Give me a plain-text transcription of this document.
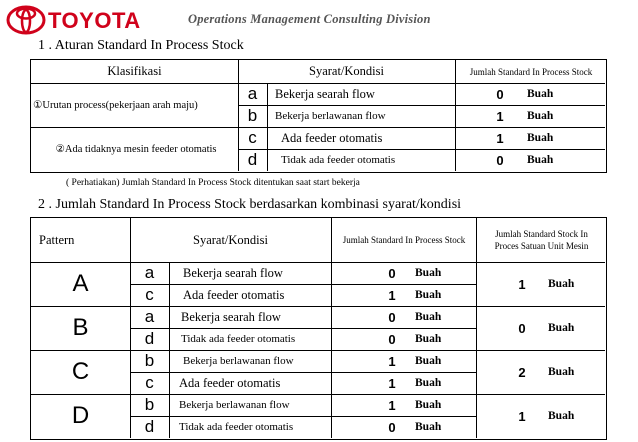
TOYOTA	Operations Management Consulting Division
1 . Aturan Standard In Process Stock
Klasifikasi	Syarat/Kondisi	Jumlah Standard In Process Stock
①Urutan process(pekerjaan arah maju)
②Ada tidaknya mesin feeder otomatis
a	Bekerja searah flow	0	Buah
b	Bekerja berlawanan flow	1	Buah
c	Ada feeder otomatis	1	Buah
d	Tidak ada feeder otomatis	0	Buah
( Perhatiakan) Jumlah Standard In Process Stock ditentukan saat start bekerja
2 . Jumlah Standard In Process Stock berdasarkan kombinasi syarat/kondisi
Pattern	Syarat/Kondisi	Jumlah Standard In Process Stock
Jumlah Standard Stock In Proces Satuan Unit Mesin
A	a	Bekerja searah flow	0	Buah
c	Ada feeder otomatis	1	Buah
1	Buah
B	a	Bekerja searah flow	0	Buah
d	Tidak ada feeder otomatis	0	Buah
0	Buah
C	b	Bekerja berlawanan flow	1	Buah
c	Ada feeder otomatis	1	Buah
2	Buah
D	b	Bekerja berlawanan flow	1	Buah
d	Tidak ada feeder otomatis	0	Buah
1	Buah
